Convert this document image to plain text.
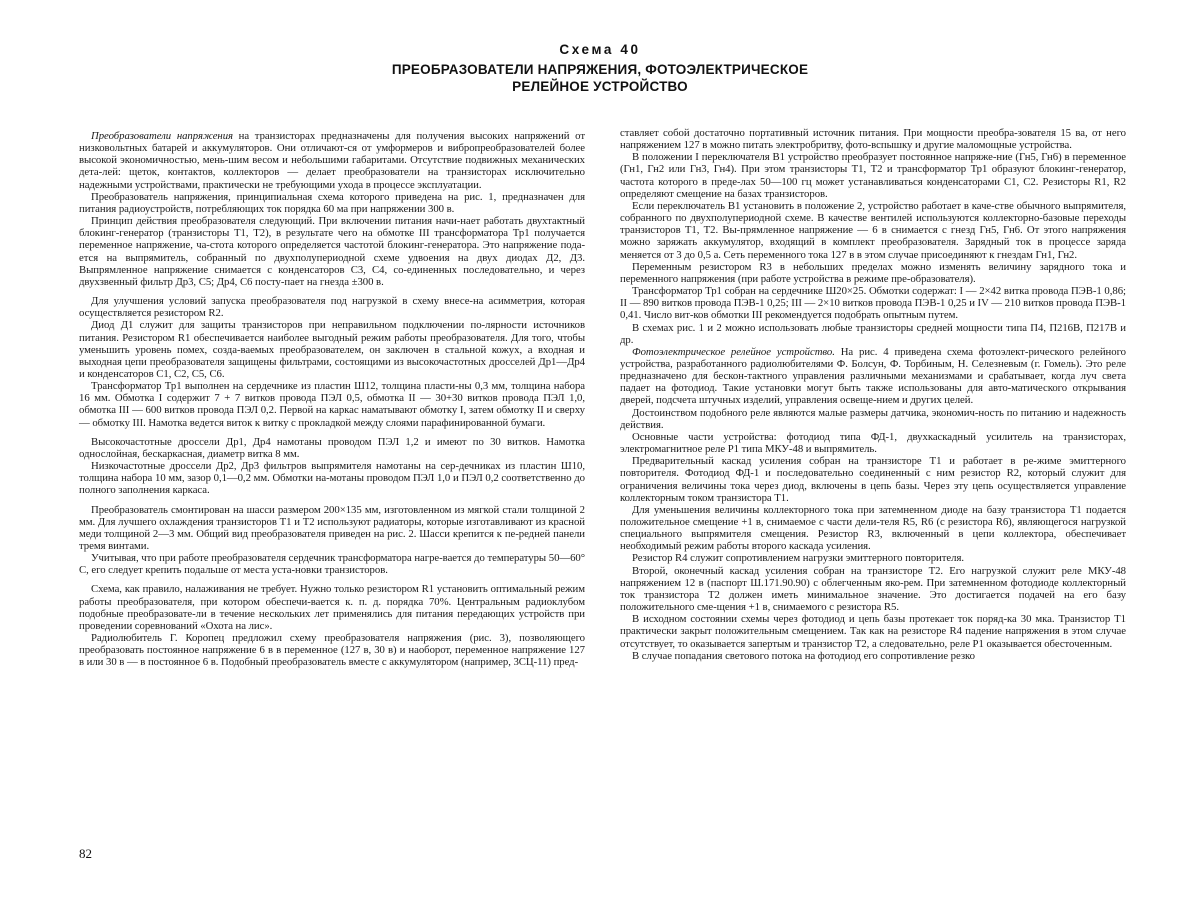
Схема 40
ПРЕОБРАЗОВАТЕЛИ НАПРЯЖЕНИЯ, ФОТОЭЛЕКТРИЧЕСКОЕ
РЕЛЕЙНОЕ УСТРОЙСТВО

Преобразователи напряжения на транзисторах предназначены для получения высоких напряжений от низковольтных батарей и аккумуляторов. Они отличают-ся от умформеров и вибропреобразователей более высокой экономичностью, мень-шим весом и небольшими габаритами. Отсутствие подвижных механических дета-лей: щеток, контактов, коллекторов — делает преобразователи на транзисторах исключительно надежными устройствами, практически не требующими ухода в процессе эксплуатации.

Преобразователь напряжения, принципиальная схема которого приведена на рис. 1, предназначен для питания радиоустройств, потребляющих ток порядка 60 ма при напряжении 300 в.

Принцип действия преобразователя следующий. При включении питания начи-нает работать двухтактный блокинг-генератор (транзисторы Т1, Т2), в результате чего на обмотке III трансформатора Тр1 получается переменное напряжение, ча-стота которого определяется частотой блокинг-генератора. Это напряжение пода-ется на выпрямитель, собранный по двухполупериодной схеме удвоения на двух диодах Д2, Д3. Выпрямленное напряжение снимается с конденсаторов С3, С4, со-единенных последовательно, и через двухзвенный фильтр Др3, С5; Др4, С6 посту-пает на гнезда ±300 в.

Для улучшения условий запуска преобразователя под нагрузкой в схему внесе-на асимметрия, которая осуществляется резистором R2.

Диод Д1 служит для защиты транзисторов при неправильном подключении по-лярности источников питания. Резистором R1 обеспечивается наиболее выгодный режим работы преобразователя. Для того, чтобы уменьшить уровень помех, созда-ваемых преобразователем, он заключен в стальной кожух, а входная и выходная цепи преобразователя защищены фильтрами, состоящими из высокочастотных дросселей Др1—Др4 и конденсаторов С1, С2, С5, С6.

Трансформатор Тр1 выполнен на сердечнике из пластин Ш12, толщина пласти-ны 0,3 мм, толщина набора 16 мм. Обмотка I содержит 7 + 7 витков провода ПЭЛ 0,5, обмотка II — 30+30 витков провода ПЭЛ 1,0, обмотка III — 600 витков провода ПЭЛ 0,2. Первой на каркас наматывают обмотку I, затем обмотку II и сверху — обмотку III. Намотка ведется виток к витку с прокладкой между слоями парафинированной бумаги.

Высокочастотные дроссели Др1, Др4 намотаны проводом ПЭЛ 1,2 и имеют по 30 витков. Намотка однослойная, бескаркасная, диаметр витка 8 мм.

Низкочастотные дроссели Др2, Др3 фильтров выпрямителя намотаны на сер-дечниках из пластин Ш10, толщина набора 10 мм, зазор 0,1—0,2 мм. Обмотки на-мотаны проводом ПЭЛ 1,0 и ПЭЛ 0,2 соответственно до полного заполнения каркаса.

Преобразователь смонтирован на шасси размером 200×135 мм, изготовленном из мягкой стали толщиной 2 мм. Для лучшего охлаждения транзисторов Т1 и Т2 используют радиаторы, которые изготавливают из красной меди толщиной 2—3 мм. Общий вид преобразователя приведен на рис. 2. Шасси крепится к пе-редней панели тремя винтами.

Учитывая, что при работе преобразователя сердечник трансформатора нагре-вается до температуры 50—60° С, его следует крепить подальше от места уста-новки транзисторов.

Схема, как правило, налаживания не требует. Нужно только резистором R1 установить оптимальный режим работы преобразователя, при котором обеспечи-вается к. п. д. порядка 70%. Центральным радиоклубом подобные преобразовате-ли в течение нескольких лет применялись для питания передающих устройств при проведении соревнований «Охота на лис».

Радиолюбитель Г. Коропец предложил схему преобразователя напряжения (рис. 3), позволяющего преобразовать постоянное напряжение 6 в в переменное (127 в, 30 в) и наоборот, переменное напряжение 127 в или 30 в — в постоянное 6 в. Подобный преобразователь вместе с аккумулятором (например, 3СЦ-11) пред-

ставляет собой достаточно портативный источник питания. При мощности преобра-зователя 15 ва, от него напряжением 127 в можно питать электробритву, фото-вспышку и другие маломощные устройства.

В положении I переключателя В1 устройство преобразует постоянное напряже-ние (Гн5, Гн6) в переменное (Гн1, Гн2 или Гн3, Гн4). При этом транзисторы Т1, Т2 и трансформатор Тр1 образуют блокинг-генератор, частота которого в преде-лах 50—100 гц может устанавливаться конденсаторами С1, С2. Резисторы R1, R2 определяют смещение на базах транзисторов.

Если переключатель В1 установить в положение 2, устройство работает в каче-стве обычного выпрямителя, собранного по двухполупериодной схеме. В качестве вентилей используются коллекторно-базовые переходы транзисторов Т1, Т2. Вы-прямленное напряжение — 6 в снимается с гнезд Гн5, Гн6. От этого напряжения можно заряжать аккумулятор, входящий в комплект преобразователя. Зарядный ток в процессе заряда меняется от 3 до 0,5 а. Сеть переменного тока 127 в в этом случае присоединяют к гнездам Гн1, Гн2.

Переменным резистором R3 в небольших пределах можно изменять величину зарядного тока и переменного напряжения (при работе устройства в режиме пре-образователя).

Трансформатор Тр1 собран на сердечнике Ш20×25. Обмотки содержат: I — 2×42 витка провода ПЭВ-1 0,86; II — 890 витков провода ПЭВ-1 0,25; III — 2×10 витков провода ПЭВ-1 0,25 и IV — 210 витков провода ПЭВ-1 0,41. Число вит-ков обмотки III рекомендуется подобрать опытным путем.

В схемах рис. 1 и 2 можно использовать любые транзисторы средней мощности типа П4, П216В, П217В и др.

Фотоэлектрическое релейное устройство. На рис. 4 приведена схема фотоэлект-рического релейного устройства, разработанного радиолюбителями Ф. Болсун, Ф. Торбиным, Н. Селезневым (г. Гомель). Это реле предназначено для бескон-тактного управления различными механизмами и срабатывает, когда луч света падает на фотодиод. Такие установки могут быть также использованы для авто-матического открывания дверей, подсчета штучных изделий, управления освеще-нием и других целей.

Достоинством подобного реле являются малые размеры датчика, экономич-ность по питанию и надежность действия.

Основные части устройства: фотодиод типа ФД-1, двухкаскадный усилитель на транзисторах, электромагнитное реле Р1 типа МКУ-48 и выпрямитель.

Предварительный каскад усиления собран на транзисторе Т1 и работает в ре-жиме эмиттерного повторителя. Фотодиод ФД-1 и последовательно соединенный с ним резистор R2, который служит для ограничения величины тока через диод, включены в цепь базы. Через эту цепь осуществляется управление коллекторным током транзистора Т1.

Для уменьшения величины коллекторного тока при затемненном диоде на базу транзистора Т1 подается положительное смещение +1 в, снимаемое с части дели-теля R5, R6 (с резистора R6), являющегося нагрузкой специального выпрямителя смещения. Резистор R3, включенный в цепи коллектора, обеспечивает необходимый режим работы второго каскада усиления.

Резистор R4 служит сопротивлением нагрузки эмиттерного повторителя.

Второй, оконечный каскад усиления собран на транзисторе Т2. Его нагрузкой служит реле МКУ-48 напряжением 12 в (паспорт Ш.171.90.90) с облегченным яко-рем. При затемненном фотодиоде коллекторный ток транзистора Т2 должен иметь минимальное значение. Это достигается подачей на его базу положительного сме-щения +1 в, снимаемого с резистора R5.

В исходном состоянии схемы через фотодиод и цепь базы протекает ток поряд-ка 30 мка. Транзистор Т1 практически закрыт положительным смещением. Так как на резисторе R4 падение напряжения в этом случае отсутствует, то оказывается запертым и транзистор Т2, а следовательно, реле Р1 оказывается обесточенным.

В случае попадания светового потока на фотодиод его сопротивление резко

82
